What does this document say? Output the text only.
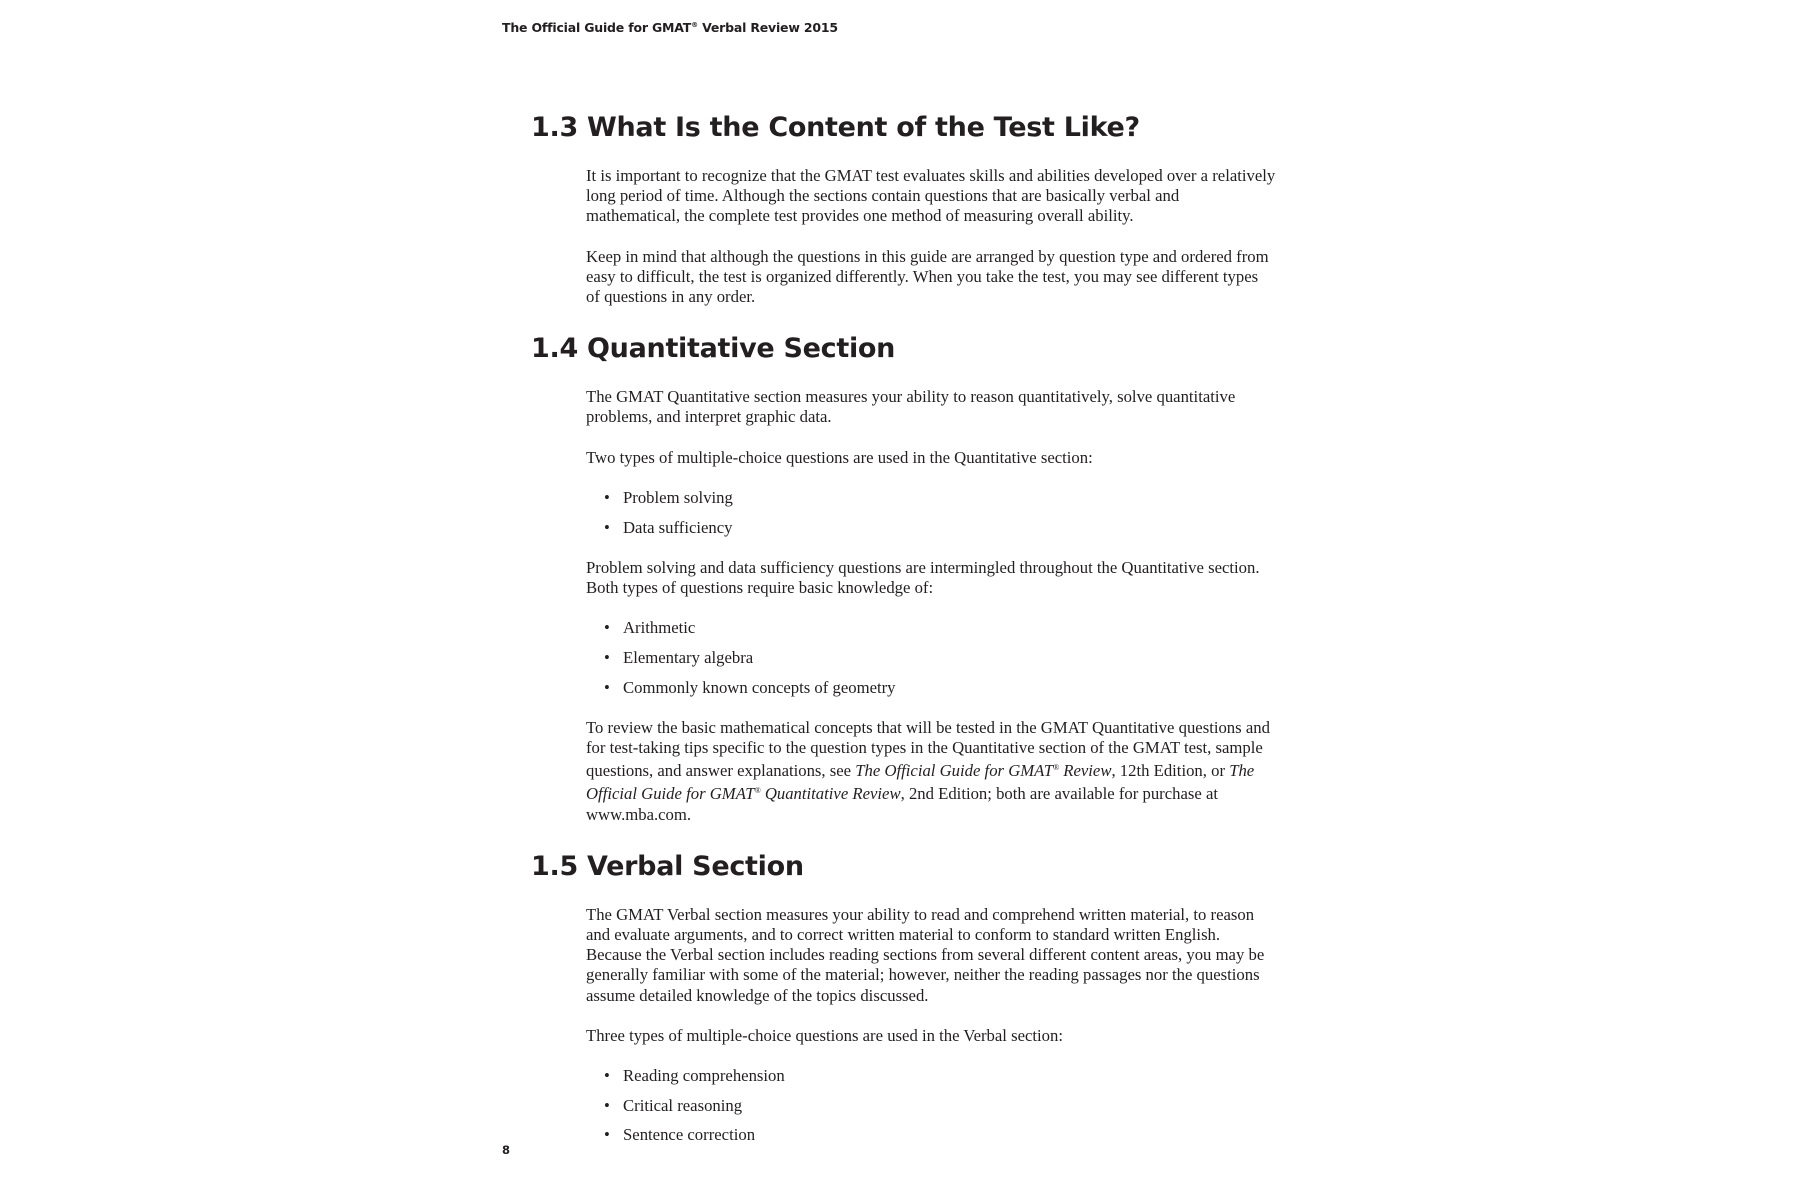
The Official Guide for GMAT® Verbal Review 2015
1.3 What Is the Content of the Test Like?

It is important to recognize that the GMAT test evaluates skills and abilities developed over a relatively long period of time. Although the sections contain questions that are basically verbal and mathematical, the complete test provides one method of measuring overall ability.

Keep in mind that although the questions in this guide are arranged by question type and ordered from easy to difficult, the test is organized differently. When you take the test, you may see different types of questions in any order.

1.4 Quantitative Section

The GMAT Quantitative section measures your ability to reason quantitatively, solve quantitative problems, and interpret graphic data.

Two types of multiple-choice questions are used in the Quantitative section:

• Problem solving
• Data sufficiency

Problem solving and data sufficiency questions are intermingled throughout the Quantitative section. Both types of questions require basic knowledge of:

• Arithmetic
• Elementary algebra
• Commonly known concepts of geometry

To review the basic mathematical concepts that will be tested in the GMAT Quantitative questions and for test-taking tips specific to the question types in the Quantitative section of the GMAT test, sample questions, and answer explanations, see The Official Guide for GMAT® Review, 12th Edition, or The Official Guide for GMAT® Quantitative Review, 2nd Edition; both are available for purchase at www.mba.com.

1.5 Verbal Section

The GMAT Verbal section measures your ability to read and comprehend written material, to reason and evaluate arguments, and to correct written material to conform to standard written English. Because the Verbal section includes reading sections from several different content areas, you may be generally familiar with some of the material; however, neither the reading passages nor the questions assume detailed knowledge of the topics discussed.

Three types of multiple-choice questions are used in the Verbal section:

• Reading comprehension
• Critical reasoning
• Sentence correction
8
